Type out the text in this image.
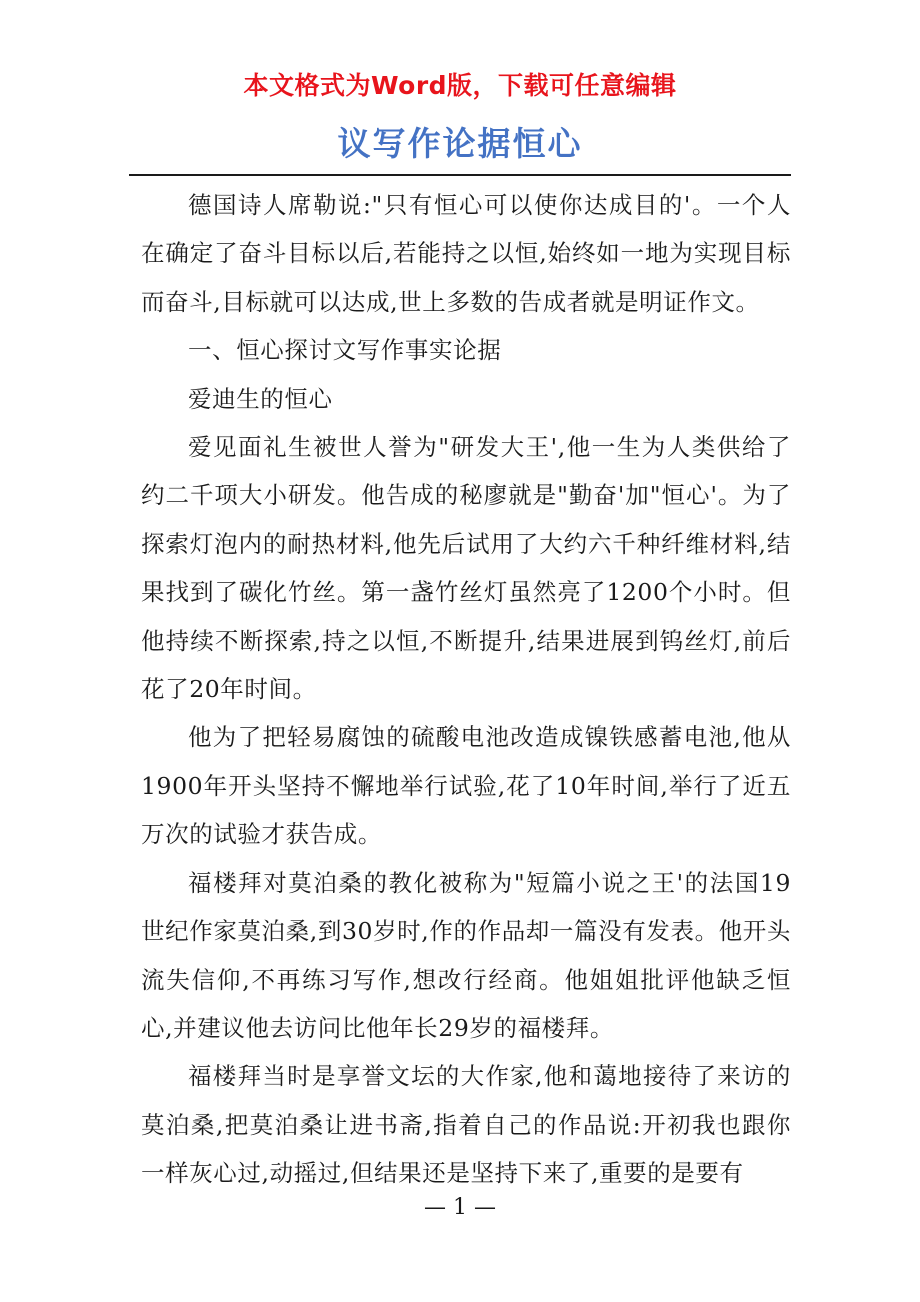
本文格式为Word版，下载可任意编辑
议写作论据恒心

德国诗人席勒说:"只有恒心可以使你达成目的'。一个人在确定了奋斗目标以后,若能持之以恒,始终如一地为实现目标而奋斗,目标就可以达成,世上多数的告成者就是明证作文。

一、恒心探讨文写作事实论据

爱迪生的恒心

爱见面礼生被世人誉为"研发大王',他一生为人类供给了约二千项大小研发。他告成的秘廖就是"勤奋'加"恒心'。为了探索灯泡内的耐热材料,他先后试用了大约六千种纤维材料,结果找到了碳化竹丝。第一盏竹丝灯虽然亮了1200个小时。但他持续不断探索,持之以恒,不断提升,结果进展到钨丝灯,前后花了20年时间。

他为了把轻易腐蚀的硫酸电池改造成镍铁感蓄电池,他从1900年开头坚持不懈地举行试验,花了10年时间,举行了近五万次的试验才获告成。

福楼拜对莫泊桑的教化被称为"短篇小说之王'的法国19世纪作家莫泊桑,到30岁时,作的作品却一篇没有发表。他开头流失信仰,不再练习写作,想改行经商。他姐姐批评他缺乏恒心,并建议他去访问比他年长29岁的福楼拜。

福楼拜当时是享誉文坛的大作家,他和蔼地接待了来访的莫泊桑,把莫泊桑让进书斋,指着自己的作品说:开初我也跟你一样灰心过,动摇过,但结果还是坚持下来了,重要的是要有

— 1 —
